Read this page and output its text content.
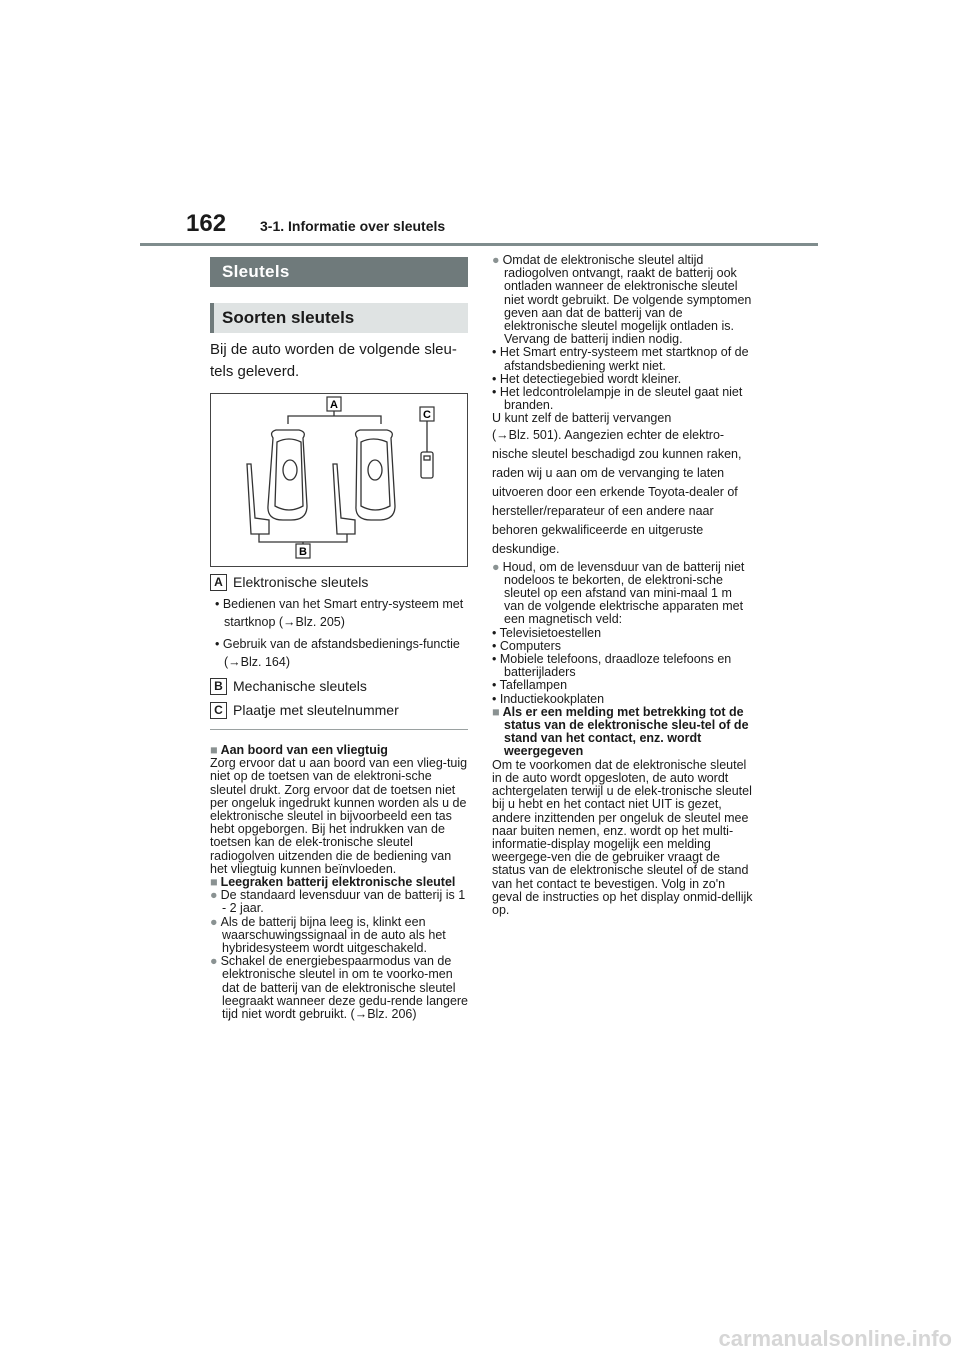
162 3-1. Informatie over sleutels
Sleutels
Soorten sleutels
Bij de auto worden de volgende sleu-tels geleverd.
A
C
B
A Elektronische sleutels
• Bedienen van het Smart entry-systeem met startknop (→Blz. 205)
• Gebruik van de afstandsbedienings-functie (→Blz. 164)
B Mechanische sleutels
C Plaatje met sleutelnummer
■ Aan boord van een vliegtuig
Zorg ervoor dat u aan boord van een vlieg-tuig niet op de toetsen van de elektroni-sche sleutel drukt. Zorg ervoor dat de toetsen niet per ongeluk ingedrukt kunnen worden als u de elektronische sleutel in bijvoorbeeld een tas hebt opgeborgen. Bij het indrukken van de toetsen kan de elek-tronische sleutel radiogolven uitzenden die de bediening van het vliegtuig kunnen beïnvloeden.
■ Leegraken batterij elektronische sleutel
● De standaard levensduur van de batterij is 1 - 2 jaar.
● Als de batterij bijna leeg is, klinkt een waarschuwingssignaal in de auto als het hybridesysteem wordt uitgeschakeld.
● Schakel de energiebespaarmodus van de elektronische sleutel in om te voorko-men dat de batterij van de elektronische sleutel leegraakt wanneer deze gedu-rende langere tijd niet wordt gebruikt. (→Blz. 206)
● Omdat de elektronische sleutel altijd radiogolven ontvangt, raakt de batterij ook ontladen wanneer de elektronische sleutel niet wordt gebruikt. De volgende symptomen geven aan dat de batterij van de elektronische sleutel mogelijk ontladen is. Vervang de batterij indien nodig.
• Het Smart entry-systeem met startknop of de afstandsbediening werkt niet.
• Het detectiegebied wordt kleiner.
• Het ledcontrolelampje in de sleutel gaat niet branden.
U kunt zelf de batterij vervangen
(→Blz. 501). Aangezien echter de elektro-nische sleutel beschadigd zou kunnen raken, raden wij u aan om de vervanging te laten uitvoeren door een erkende Toyota-dealer of hersteller/reparateur of een andere naar behoren gekwalificeerde en uitgeruste deskundige.
● Houd, om de levensduur van de batterij niet nodeloos te bekorten, de elektroni-sche sleutel op een afstand van mini-maal 1 m van de volgende elektrische apparaten met een magnetisch veld:
• Televisietoestellen
• Computers
• Mobiele telefoons, draadloze telefoons en batterijladers
• Tafellampen
• Inductiekookplaten
■ Als er een melding met betrekking tot de status van de elektronische sleu-tel of de stand van het contact, enz. wordt weergegeven
Om te voorkomen dat de elektronische sleutel in de auto wordt opgesloten, de auto wordt achtergelaten terwijl u de elek-tronische sleutel bij u hebt en het contact niet UIT is gezet, andere inzittenden per ongeluk de sleutel mee naar buiten nemen, enz. wordt op het multi-informatie-display mogelijk een melding weergege-ven die de gebruiker vraagt de status van de elektronische sleutel of de stand van het contact te bevestigen. Volg in zo'n geval de instructies op het display onmid-dellijk op.
carmanualsonline.info
